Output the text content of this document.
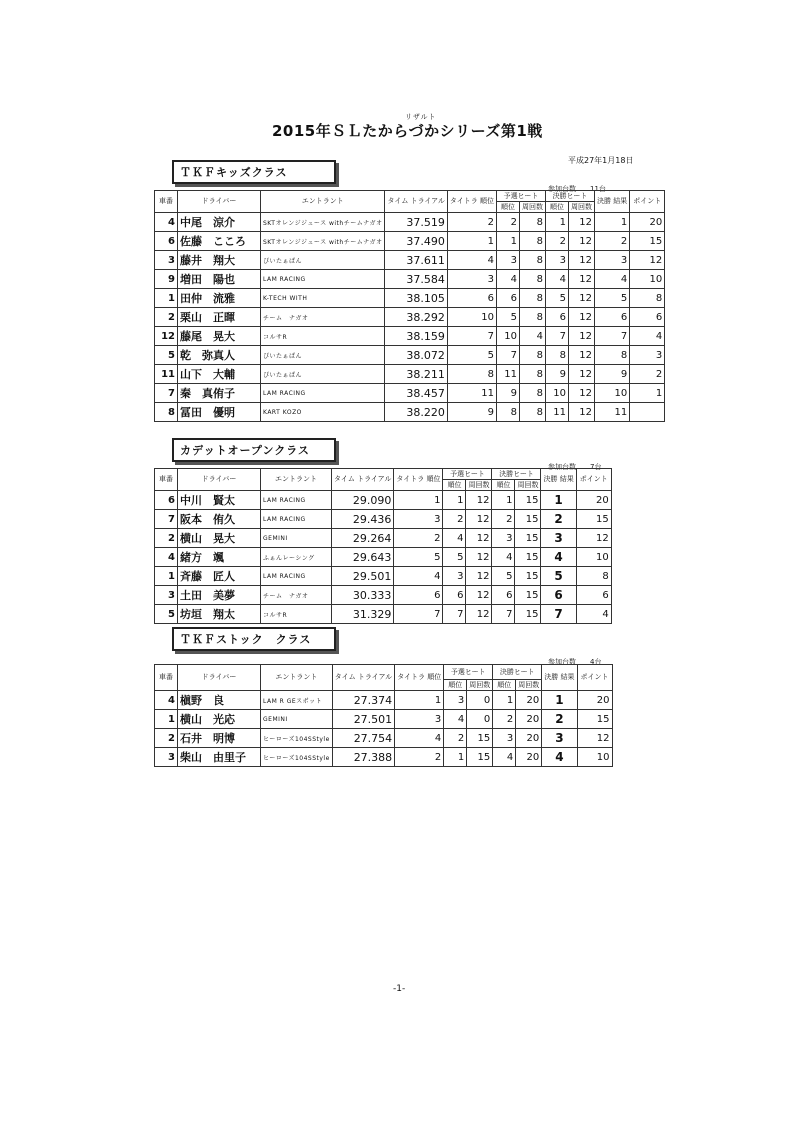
リザルト
2015年ＳＬたからづかシリーズ第1戦
平成27年1月18日
ＴＫＦキッズクラス
参加台数　　 11台
車番	ドライバー	エントラント	タイム トライアル	タイトラ 順位	予選ヒート		決勝ヒート		決勝 結果	ポイント
					順位	周回数	順位	周回数		
4	中尾　涼介	SKTオレンジジュース withチームナガオ	37.519	2	2	8	1	12	1	20
6	佐藤　こころ	SKTオレンジジュース withチームナガオ	37.490	1	1	8	2	12	2	15
3	藤井　翔大	ぴいたぁぱん	37.611	4	3	8	3	12	3	12
9	増田　陽也	LAM RACING	37.584	3	4	8	4	12	4	10
1	田仲　流雅	K-TECH WITH	38.105	6	6	8	5	12	5	8
2	栗山　正暉	チーム　ナガオ	38.292	10	5	8	6	12	6	6
12	藤尾　晃大	コルサR	38.159	7	10	4	7	12	7	4
5	乾　弥真人	ぴいたぁぱん	38.072	5	7	8	8	12	8	3
11	山下　大輔	ぴいたぁぱん	38.211	8	11	8	9	12	9	2
7	秦　真侑子	LAM RACING	38.457	11	9	8	10	12	10	1
8	冨田　優明	KART KOZO	38.220	9	8	8	11	12	11	
カデットオープンクラス
参加台数　　 7台
車番	ドライバー	エントラント	タイム トライアル	タイトラ 順位	予選ヒート		決勝ヒート		決勝 結果	ポイント
					順位	周回数	順位	周回数		
6	中川　賢太	LAM RACING	29.090	1	1	12	1	15	1	20
7	阪本　侑久	LAM RACING	29.436	3	2	12	2	15	2	15
2	横山　晃大	GEMINI	29.264	2	4	12	3	15	3	12
4	緒方　颯	ふぁんレーシング	29.643	5	5	12	4	15	4	10
1	斉藤　匠人	LAM RACING	29.501	4	3	12	5	15	5	8
3	土田　美夢	チーム　ナガオ	30.333	6	6	12	6	15	6	6
5	坊垣　翔太	コルサR	31.329	7	7	12	7	15	7	4
ＴＫＦストック　クラス
参加台数　　 4台
車番	ドライバー	エントラント	タイム トライアル	タイトラ 順位	予選ヒート		決勝ヒート		決勝 結果	ポイント
					順位	周回数	順位	周回数		
4	槇野　良	LAM R GEスポット	27.374	1	3	0	1	20	1	20
1	横山　光応	GEMINI	27.501	3	4	0	2	20	2	15
2	石井　明博	ヒーローズ104SStyle	27.754	4	2	15	3	20	3	12
3	柴山　由里子	ヒーローズ104SStyle	27.388	2	1	15	4	20	4	10
-1-
